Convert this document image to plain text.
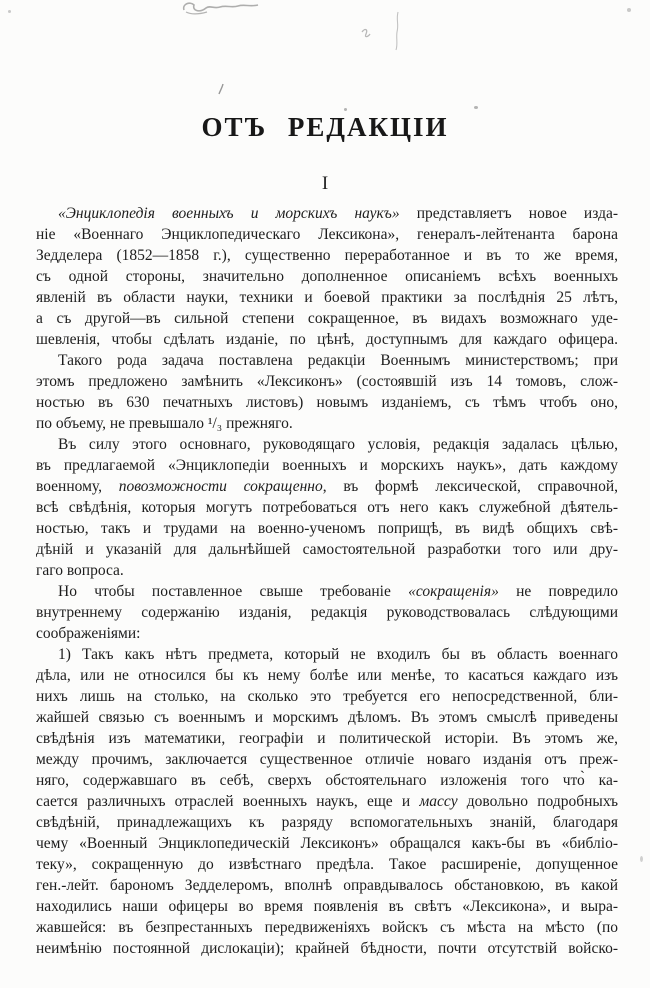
ОТЪ РЕДАКЦІИ
I
«Энциклопедія военныхъ и морскихъ наукъ» представляетъ новое изда-
ніе «Военнаго Энциклопедическаго Лексикона», генералъ-лейтенанта барона
Зедделера (1852—1858 г.), существенно переработанное и въ то же время,
съ одной стороны, значительно дополненное описаніемъ всѣхъ военныхъ
явленій въ области науки, техники и боевой практики за послѣднія 25 лѣтъ,
а съ другой—въ сильной степени сокращенное, въ видахъ возможнаго уде-
шевленія, чтобы сдѣлать изданіе, по цѣнѣ, доступнымъ для каждаго офицера.
Такого рода задача поставлена редакціи Военнымъ министерствомъ; при
этомъ предложено замѣнить «Лексиконъ» (состоявшій изъ 14 томовъ, слож-
ностью въ 630 печатныхъ листовъ) новымъ изданіемъ, съ тѣмъ чтобъ оно,
по объему, не превышало ¹/₃ прежняго.
Въ силу этого основнаго, руководящаго условія, редакція задалась цѣлью,
въ предлагаемой «Энциклопедіи военныхъ и морскихъ наукъ», дать каждому
военному, повозможности сокращенно, въ формѣ лексической, справочной,
всѣ свѣдѣнія, которыя могутъ потребоваться отъ него какъ служебной дѣятель-
ностью, такъ и трудами на военно-ученомъ поприщѣ, въ видѣ общихъ свѣ-
дѣній и указаній для дальнѣйшей самостоятельной разработки того или дру-
гаго вопроса.
Но чтобы поставленное свыше требованіе «сокращенія» не повредило
внутреннему содержанію изданія, редакція руководствовалась слѣдующими
соображеніями:
1) Такъ какъ нѣтъ предмета, который не входилъ бы въ область военнаго
дѣла, или не относился бы къ нему болѣе или менѣе, то касаться каждаго изъ
нихъ лишь на столько, на сколько это требуется его непосредственной, бли-
жайшей связью съ военнымъ и морскимъ дѣломъ. Въ этомъ смыслѣ приведены
свѣдѣнія изъ математики, географіи и политической исторіи. Въ этомъ же,
между прочимъ, заключается существенное отличіе новаго изданія отъ преж-
няго, содержавшаго въ себѣ, сверхъ обстоятельнаго изложенія того что̀ ка-
сается различныхъ отраслей военныхъ наукъ, еще и массу довольно подробныхъ
свѣдѣній, принадлежащихъ къ разряду вспомогательныхъ знаній, благодаря
чему «Военный Энциклопедическій Лексиконъ» обращался какъ-бы въ «библіо-
теку», сокращенную до извѣстнаго предѣла. Такое расширеніе, допущенное
ген.-лейт. барономъ Зедделеромъ, вполнѣ оправдывалось обстановкою, въ какой
находились наши офицеры во время появленія въ свѣтъ «Лексикона», и выра-
жавшейся: въ безпрестанныхъ передвиженіяхъ войскъ съ мѣста на мѣсто (по
неимѣнію постоянной дислокаціи); крайней бѣдности, почти отсутствій войско-
